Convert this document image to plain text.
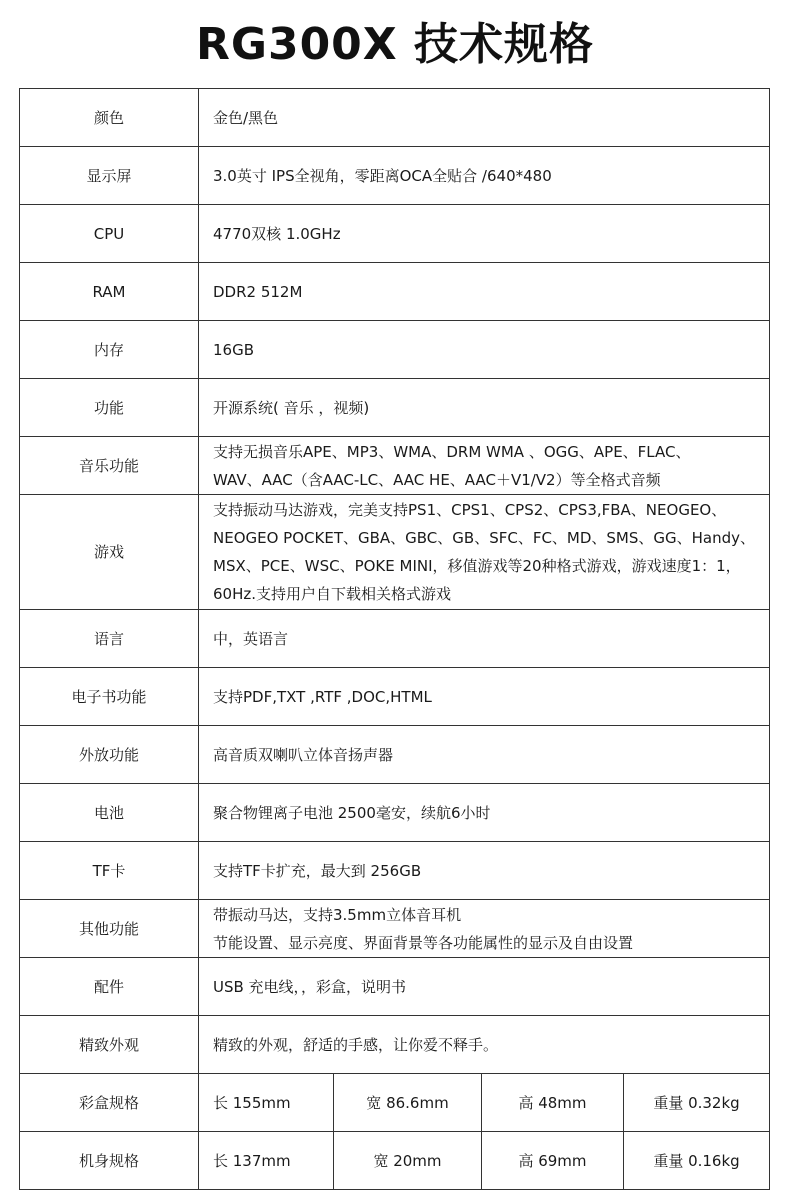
RG300X 技术规格
颜色	金色/黑色

显示屏	3.0英寸 IPS全视角，零距离OCA全贴合 /640*480

CPU	4770双核 1.0GHz

RAM	DDR2 512M

内存	16GB

功能	开源系统( 音乐 ，视频)

音乐功能	支持无损音乐APE、MP3、WMA、DRM WMA 、OGG、APE、FLAC、
WAV、AAC（含AAC-LC、AAC HE、AAC＋V1/V2）等全格式音频

游戏	支持振动马达游戏，完美支持PS1、CPS1、CPS2、CPS3,FBA、NEOGEO、
NEOGEO POCKET、GBA、GBC、GB、SFC、FC、MD、SMS、GG、Handy、
MSX、PCE、WSC、POKE MINI，移值游戏等20种格式游戏，游戏速度1：1，
60Hz.支持用户自下载相关格式游戏

语言	中，英语言

电子书功能	支持PDF,TXT ,RTF ,DOC,HTML

外放功能	高音质双喇叭立体音扬声器

电池	聚合物锂离子电池 2500毫安，续航6小时

TF卡	支持TF卡扩充，最大到 256GB

其他功能	带振动马达，支持3.5mm立体音耳机
节能设置、显示亮度、界面背景等各功能属性的显示及自由设置

配件	USB 充电线，，彩盒，说明书

精致外观	精致的外观，舒适的手感，让你爱不释手。

彩盒规格	长 155mm 宽 86.6mm 高 48mm 重量 0.32kg

机身规格	长 137mm 宽 20mm 高 69mm 重量 0.16kg
